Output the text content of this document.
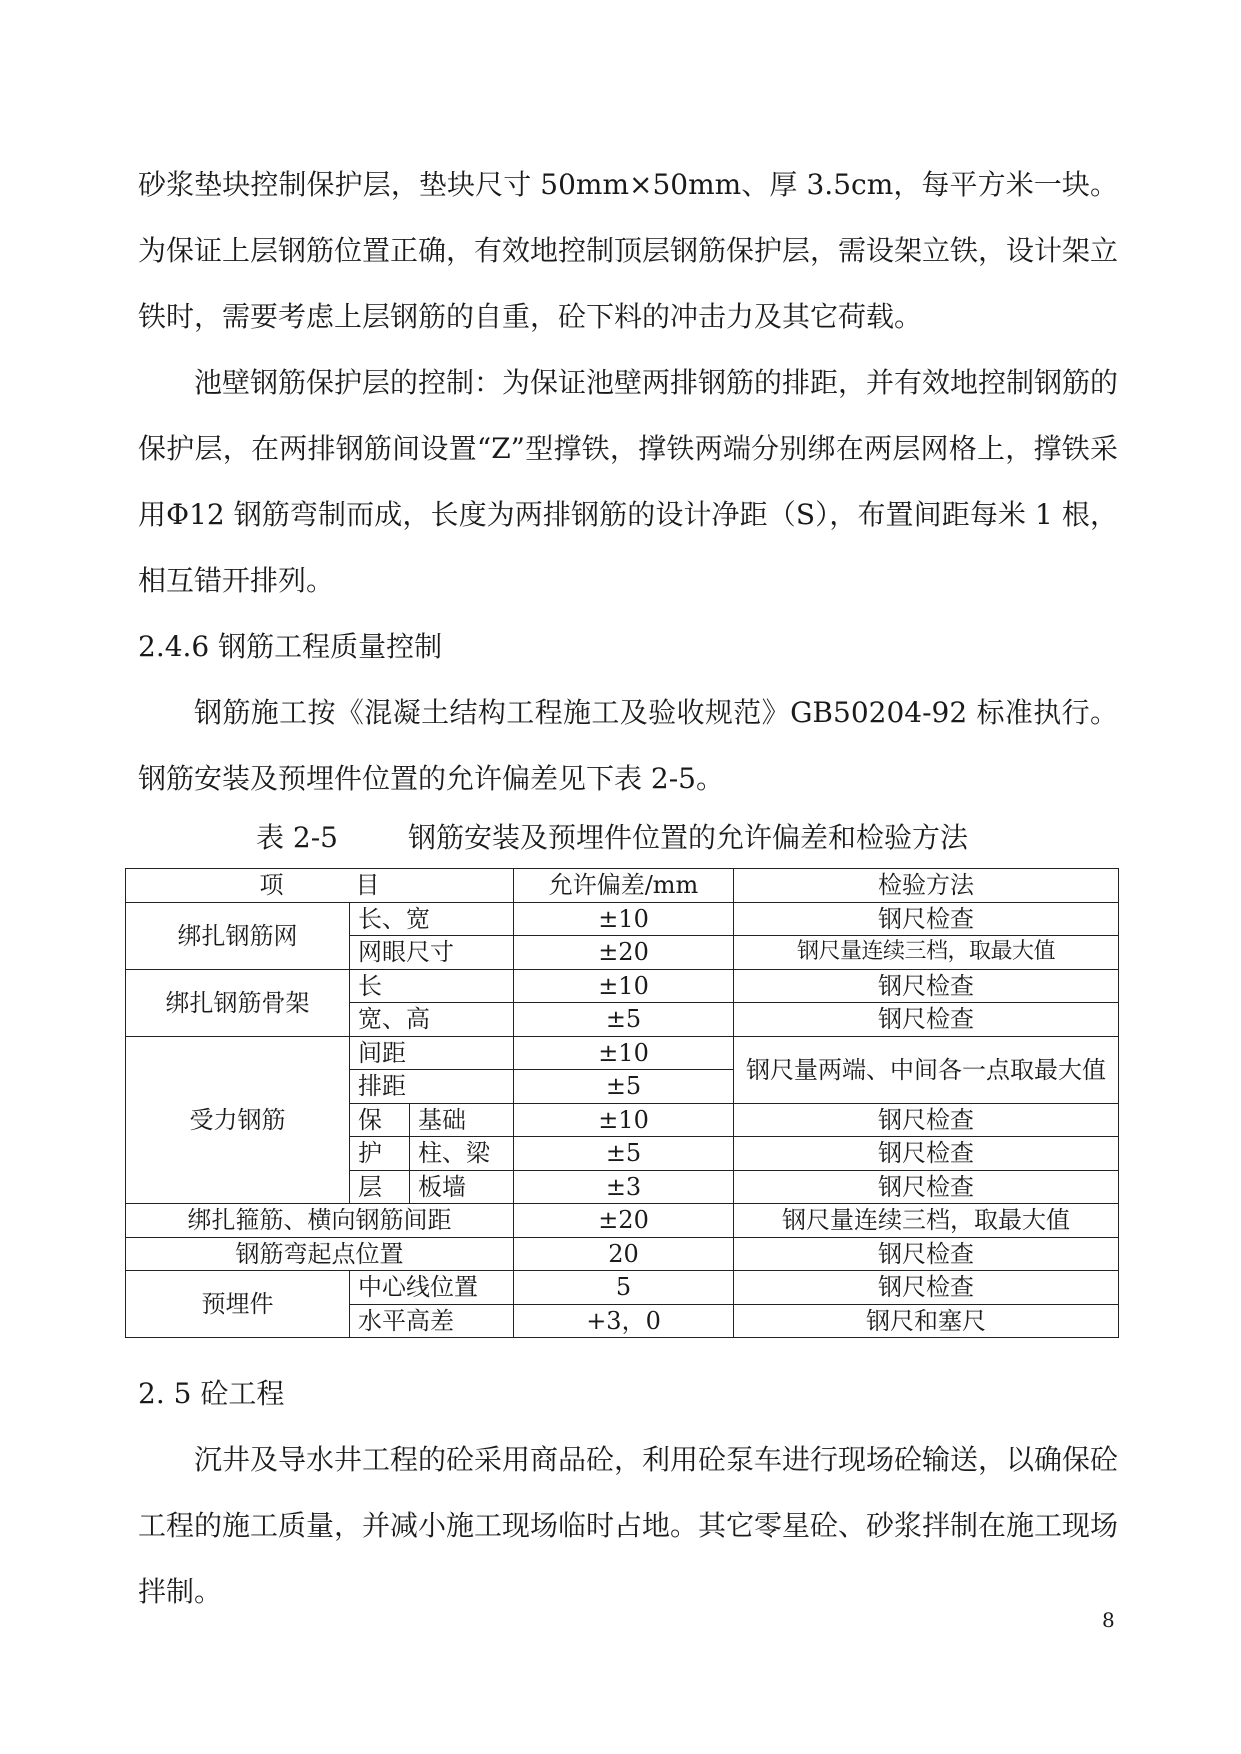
砂浆垫块控制保护层，垫块尺寸 50mm×50mm、厚 3.5cm，每平方米一块。为保证上层钢筋位置正确，有效地控制顶层钢筋保护层，需设架立铁，设计架立铁时，需要考虑上层钢筋的自重，砼下料的冲击力及其它荷载。

池壁钢筋保护层的控制：为保证池壁两排钢筋的排距，并有效地控制钢筋的保护层，在两排钢筋间设置“Z”型撑铁，撑铁两端分别绑在两层网格上，撑铁采用Φ12 钢筋弯制而成，长度为两排钢筋的设计净距（S），布置间距每米 1 根，相互错开排列。

2.4.6 钢筋工程质量控制

钢筋施工按《混凝土结构工程施工及验收规范》GB50204-92 标准执行。钢筋安装及预埋件位置的允许偏差见下表 2-5。

表 2-5	钢筋安装及预埋件位置的允许偏差和检验方法
项　　　目			允许偏差/mm	检验方法
绑扎钢筋网	长、宽		±10	钢尺检查
	网眼尺寸		±20	钢尺量连续三档，取最大值
绑扎钢筋骨架	长		±10	钢尺检查
	宽、高		±5	钢尺检查
受力钢筋	间距		±10	钢尺量两端、中间各一点取最大值
	排距		±5	
	保	基础	±10	钢尺检查
	护	柱、梁	±5	钢尺检查
	层	板墙	±3	钢尺检查
绑扎箍筋、横向钢筋间距			±20	钢尺量连续三档，取最大值
钢筋弯起点位置			20	钢尺检查
预埋件	中心线位置		5	钢尺检查
	水平高差		+3，0	钢尺和塞尺

2. 5 砼工程

沉井及导水井工程的砼采用商品砼，利用砼泵车进行现场砼输送，以确保砼工程的施工质量，并减小施工现场临时占地。其它零星砼、砂浆拌制在施工现场拌制。

8
